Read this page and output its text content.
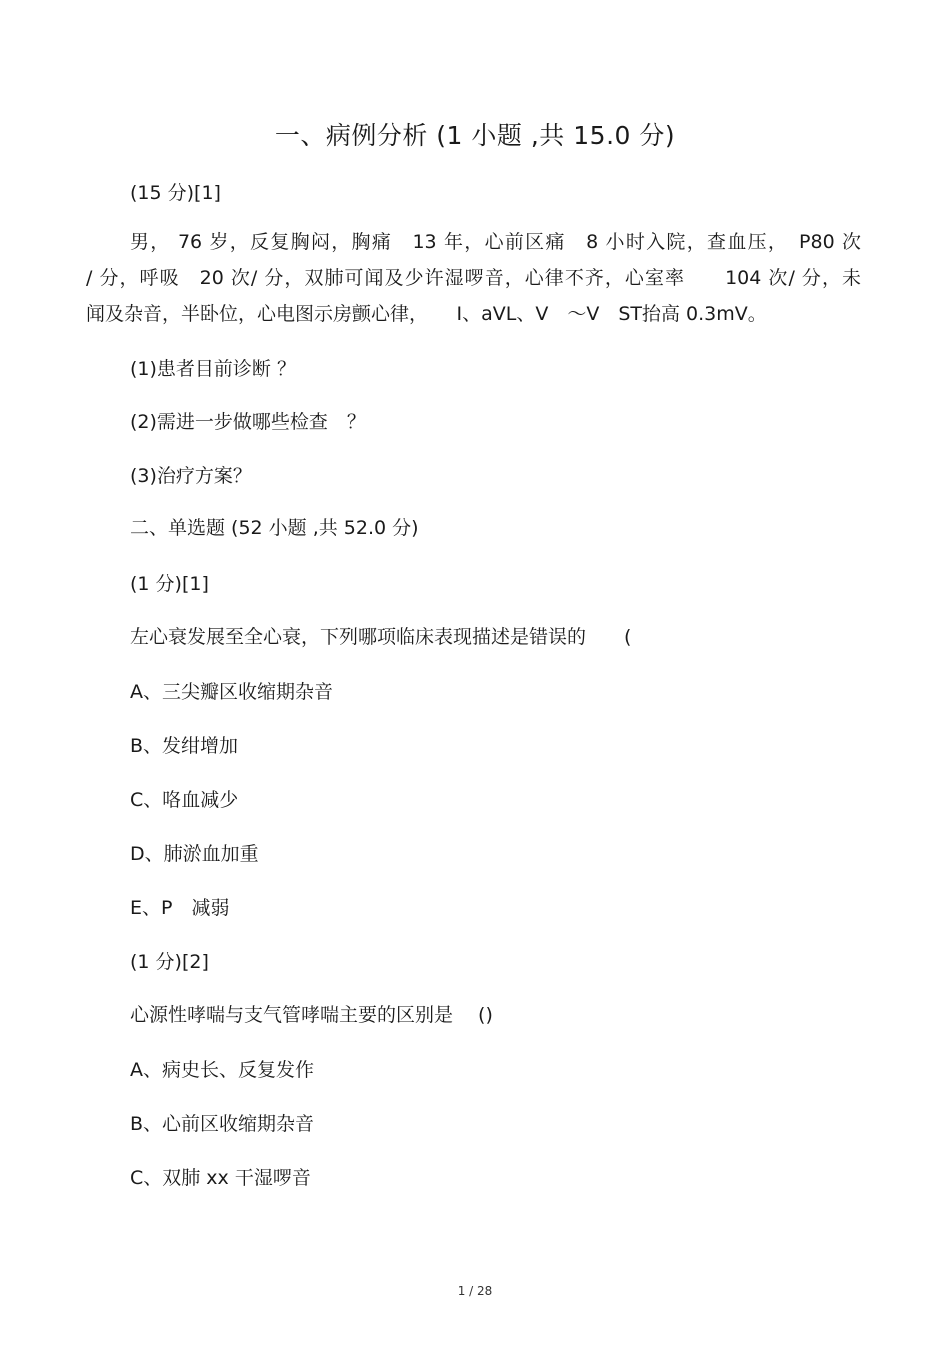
一、病例分析 (1 小题 ,共 15.0 分)
(15 分)[1]
男， 76 岁，反复胸闷，胸痛　13 年，心前区痛　8 小时入院，查血压，　P80 次
/ 分，呼吸　20 次/ 分，双肺可闻及少许湿啰音，心律不齐，心室率　　104 次/ 分，未
闻及杂音，半卧位，心电图示房颤心律，　　I、aVL、V　～V　ST抬高 0.3mV。
(1)患者目前诊断 ？
(2)需进一步做哪些检查　？
(3)治疗方案？
二、单选题 (52 小题 ,共 52.0 分)
(1 分)[1]
左心衰发展至全心衰，下列哪项临床表现描述是错误的　　(
A、三尖瓣区收缩期杂音
B、发绀增加
C、咯血减少
D、肺淤血加重
E、P　减弱
(1 分)[2]
心源性哮喘与支气管哮喘主要的区别是　 ()
A、病史长、反复发作
B、心前区收缩期杂音
C、双肺 xx 干湿啰音
1 / 28
